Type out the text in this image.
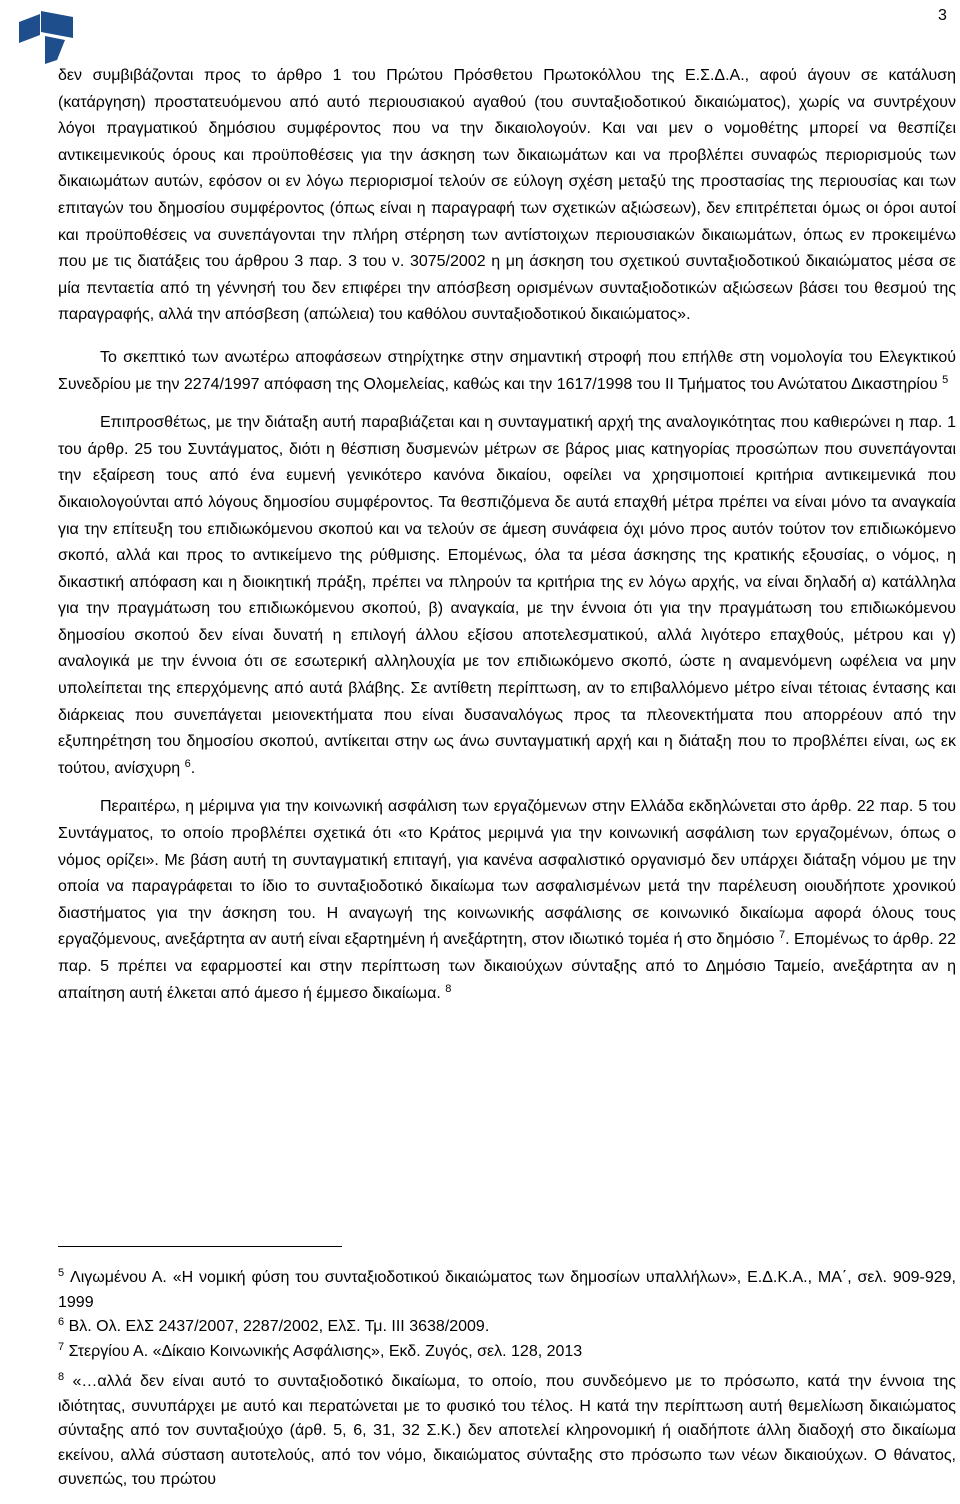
3

δεν συμβιβάζονται προς το άρθρο 1 του Πρώτου Πρόσθετου Πρωτοκόλλου της Ε.Σ.Δ.Α., αφού άγουν σε κατάλυση (κατάργηση) προστατευόμενου από αυτό περιουσιακού αγαθού (του συνταξιοδοτικού δικαιώματος), χωρίς να συντρέχουν λόγοι πραγματικού δημόσιου συμφέροντος που να την δικαιολογούν. Και ναι μεν ο νομοθέτης μπορεί να θεσπίζει αντικειμενικούς όρους και προϋποθέσεις για την άσκηση των δικαιωμάτων και να προβλέπει συναφώς περιορισμούς των δικαιωμάτων αυτών, εφόσον οι εν λόγω περιορισμοί τελούν σε εύλογη σχέση μεταξύ της προστασίας της περιουσίας και των επιταγών του δημοσίου συμφέροντος (όπως είναι η παραγραφή των σχετικών αξιώσεων), δεν επιτρέπεται όμως οι όροι αυτοί και προϋποθέσεις να συνεπάγονται την πλήρη στέρηση των αντίστοιχων περιουσιακών δικαιωμάτων, όπως εν προκειμένω που με τις διατάξεις του άρθρου 3 παρ. 3 του ν. 3075/2002 η μη άσκηση του σχετικού συνταξιοδοτικού δικαιώματος μέσα σε μία πενταετία από τη γέννησή του δεν επιφέρει την απόσβεση ορισμένων συνταξιοδοτικών αξιώσεων βάσει του θεσμού της παραγραφής, αλλά την απόσβεση (απώλεια) του καθόλου συνταξιοδοτικού δικαιώματος».

Το σκεπτικό των ανωτέρω αποφάσεων στηρίχτηκε στην σημαντική στροφή που επήλθε στη νομολογία του Ελεγκτικού Συνεδρίου με την 2274/1997 απόφαση της Ολομελείας, καθώς και την 1617/1998 του ΙΙ Τμήματος του Ανώτατου Δικαστηρίου $^5$

Επιπροσθέτως, με την διάταξη αυτή παραβιάζεται και η συνταγματική αρχή της αναλογικότητας που καθιερώνει η παρ. 1 του άρθρ. 25 του Συντάγματος, διότι η θέσπιση δυσμενών μέτρων σε βάρος μιας κατηγορίας προσώπων που συνεπάγονται την εξαίρεση τους από ένα ευμενή γενικότερο κανόνα δικαίου, οφείλει να χρησιμοποιεί κριτήρια αντικειμενικά που δικαιολογούνται από λόγους δημοσίου συμφέροντος. Τα θεσπιζόμενα δε αυτά επαχθή μέτρα πρέπει να είναι μόνο τα αναγκαία για την επίτευξη του επιδιωκόμενου σκοπού και να τελούν σε άμεση συνάφεια όχι μόνο προς αυτόν τούτον τον επιδιωκόμενο σκοπό, αλλά και προς το αντικείμενο της ρύθμισης. Επομένως, όλα τα μέσα άσκησης της κρατικής εξουσίας, ο νόμος, η δικαστική απόφαση και η διοικητική πράξη, πρέπει να πληρούν τα κριτήρια της εν λόγω αρχής, να είναι δηλαδή α) κατάλληλα για την πραγμάτωση του επιδιωκόμενου σκοπού, β) αναγκαία, με την έννοια ότι για την πραγμάτωση του επιδιωκόμενου δημοσίου σκοπού δεν είναι δυνατή η επιλογή άλλου εξίσου αποτελεσματικού, αλλά λιγότερο επαχθούς, μέτρου και γ) αναλογικά με την έννοια ότι σε εσωτερική αλληλουχία με τον επιδιωκόμενο σκοπό, ώστε η αναμενόμενη ωφέλεια να μην υπολείπεται της επερχόμενης από αυτά βλάβης. Σε αντίθετη περίπτωση, αν το επιβαλλόμενο μέτρο είναι τέτοιας έντασης και διάρκειας που συνεπάγεται μειονεκτήματα που είναι δυσαναλόγως προς τα πλεονεκτήματα που απορρέουν από την εξυπηρέτηση του δημοσίου σκοπού, αντίκειται στην ως άνω συνταγματική αρχή και η διάταξη που το προβλέπει είναι, ως εκ τούτου, ανίσχυρη $^6$.

Περαιτέρω, η μέριμνα για την κοινωνική ασφάλιση των εργαζόμενων στην Ελλάδα εκδηλώνεται στο άρθρ. 22 παρ. 5 του Συντάγματος, το οποίο προβλέπει σχετικά ότι «το Κράτος μεριμνά για την κοινωνική ασφάλιση των εργαζομένων, όπως ο νόμος ορίζει». Με βάση αυτή τη συνταγματική επιταγή, για κανένα ασφαλιστικό οργανισμό δεν υπάρχει διάταξη νόμου με την οποία να παραγράφεται το ίδιο το συνταξιοδοτικό δικαίωμα των ασφαλισμένων μετά την παρέλευση οιουδήποτε χρονικού διαστήματος για την άσκηση του. Η αναγωγή της κοινωνικής ασφάλισης σε κοινωνικό δικαίωμα αφορά όλους τους εργαζόμενους, ανεξάρτητα αν αυτή είναι εξαρτημένη ή ανεξάρτητη, στον ιδιωτικό τομέα ή στο δημόσιο $^7$. Επομένως το άρθρ. 22 παρ. 5 πρέπει να εφαρμοστεί και στην περίπτωση των δικαιούχων σύνταξης από το Δημόσιο Ταμείο, ανεξάρτητα αν η απαίτηση αυτή έλκεται από άμεσο ή έμμεσο δικαίωμα. $^8$

$^5$ Λιγωμένου Α. «Η νομική φύση του συνταξιοδοτικού δικαιώματος των δημοσίων υπαλλήλων», Ε.Δ.Κ.Α., ΜΑ΄, σελ. 909-929, 1999

$^6$ Βλ. Ολ. ΕλΣ 2437/2007, 2287/2002, ΕλΣ. Τμ. ΙΙΙ 3638/2009.

$^7$ Στεργίου Α. «Δίκαιο Κοινωνικής Ασφάλισης», Εκδ. Ζυγός, σελ. 128, 2013

$^8$ «…αλλά δεν είναι αυτό το συνταξιοδοτικό δικαίωμα, το οποίο, που συνδεόμενο με το πρόσωπο, κατά την έννοια της ιδιότητας, συνυπάρχει με αυτό και περατώνεται με το φυσικό του τέλος. Η κατά την περίπτωση αυτή θεμελίωση δικαιώματος σύνταξης από τον συνταξιούχο (άρθ. 5, 6, 31, 32 Σ.Κ.) δεν αποτελεί κληρονομική ή οιαδήποτε άλλη διαδοχή στο δικαίωμα εκείνου, αλλά σύσταση αυτοτελούς, από τον νόμο, δικαιώματος σύνταξης στο πρόσωπο των νέων δικαιούχων. Ο θάνατος, συνεπώς, του πρώτου
